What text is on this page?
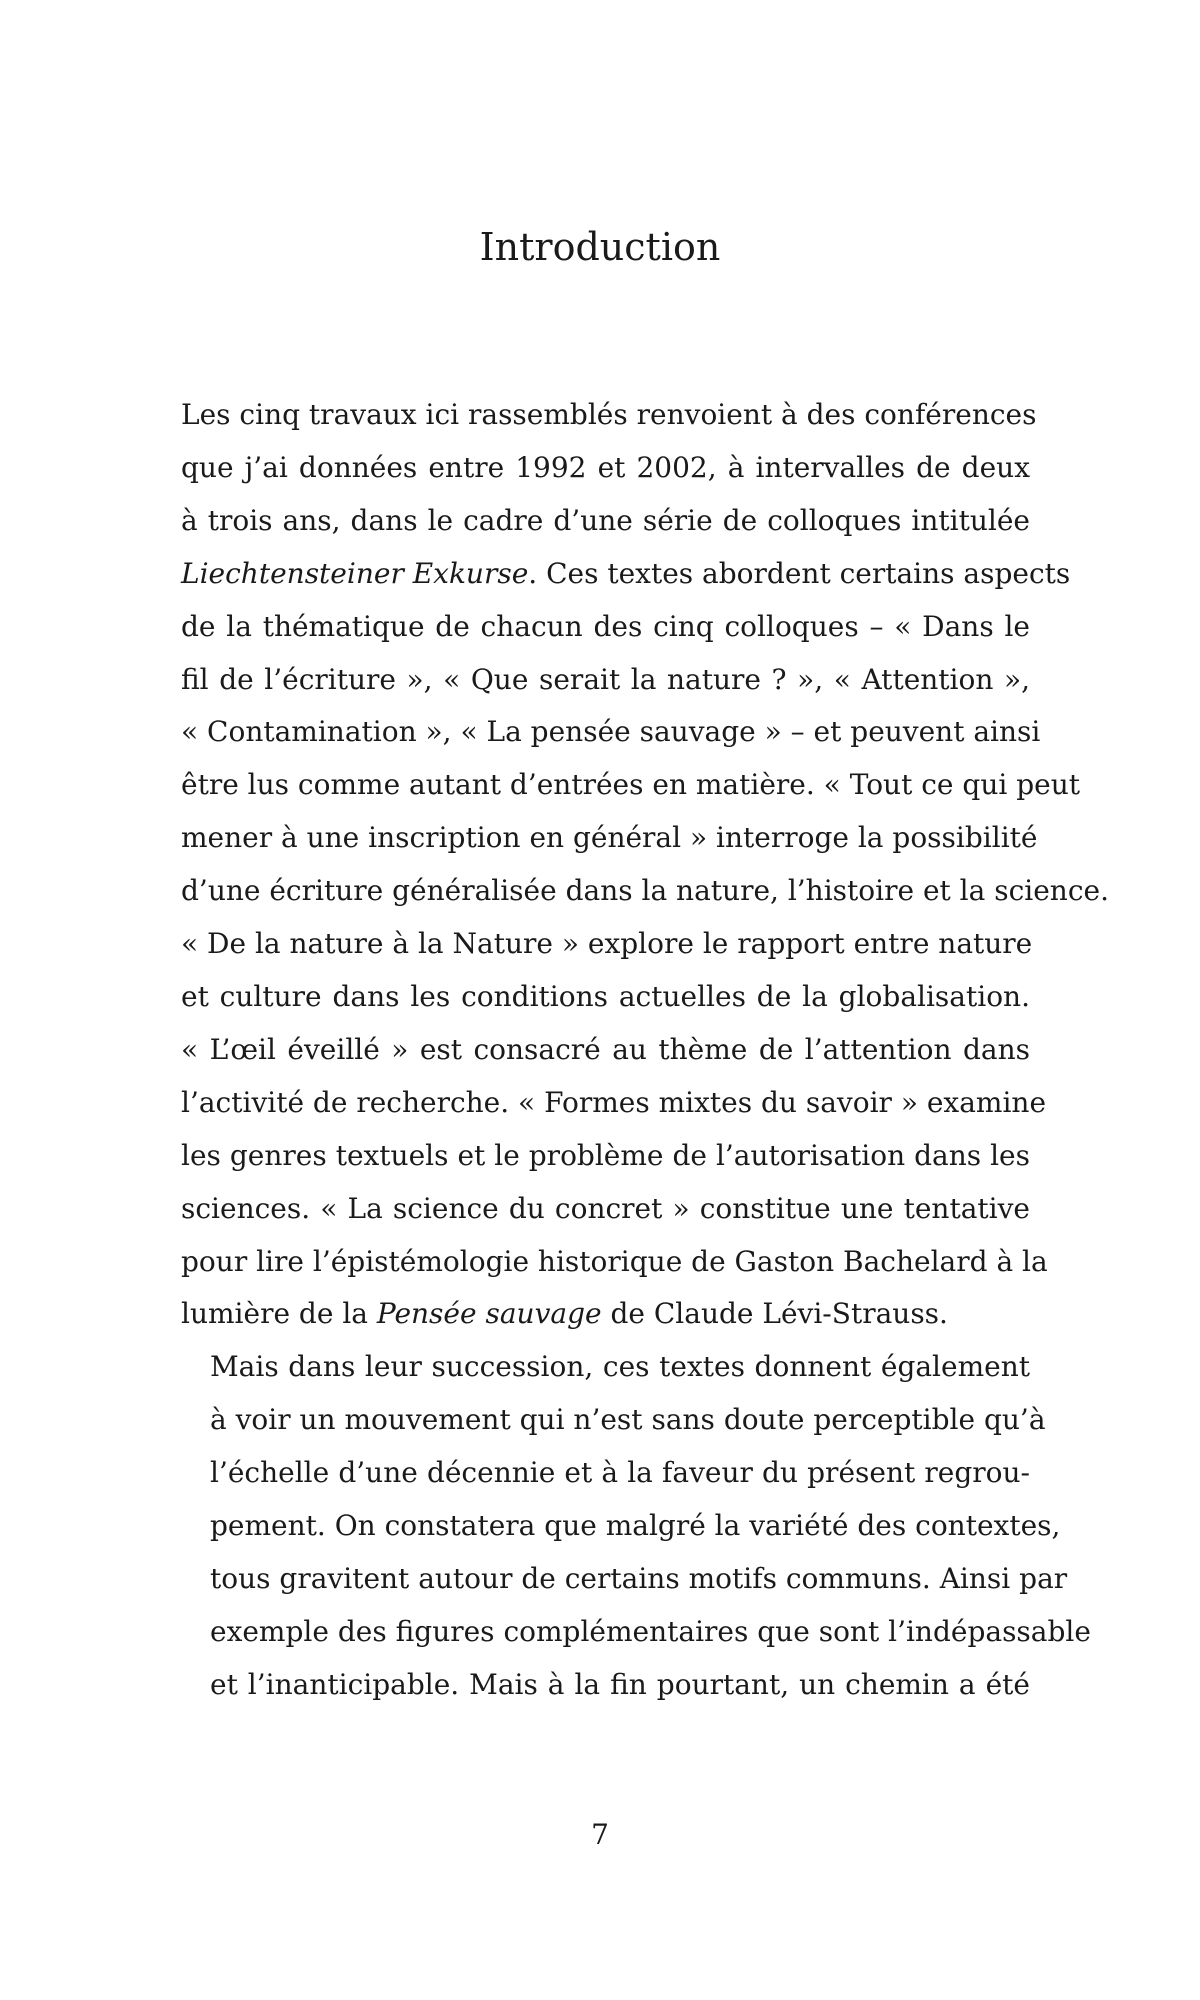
Introduction

Les cinq travaux ici rassemblés renvoient à des conférences
que j’ai données entre 1992 et 2002, à intervalles de deux
à trois ans, dans le cadre d’une série de colloques intitulée
Liechtensteiner Exkurse. Ces textes abordent certains aspects
de la thématique de chacun des cinq colloques – « Dans le
fil de l’écriture », « Que serait la nature ? », « Attention »,
« Contamination », « La pensée sauvage » – et peuvent ainsi
être lus comme autant d’entrées en matière. « Tout ce qui peut
mener à une inscription en général » interroge la possibilité
d’une écriture généralisée dans la nature, l’histoire et la science.
« De la nature à la Nature » explore le rapport entre nature
et culture dans les conditions actuelles de la globalisation.
« L’œil éveillé » est consacré au thème de l’attention dans
l’activité de recherche. « Formes mixtes du savoir » examine
les genres textuels et le problème de l’autorisation dans les
sciences. « La science du concret » constitue une tentative
pour lire l’épistémologie historique de Gaston Bachelard à la
lumière de la Pensée sauvage de Claude Lévi-Strauss.

Mais dans leur succession, ces textes donnent également
à voir un mouvement qui n’est sans doute perceptible qu’à
l’échelle d’une décennie et à la faveur du présent regrou-
pement. On constatera que malgré la variété des contextes,
tous gravitent autour de certains motifs communs. Ainsi par
exemple des figures complémentaires que sont l’indépassable
et l’inanticipable. Mais à la fin pourtant, un chemin a été

7
